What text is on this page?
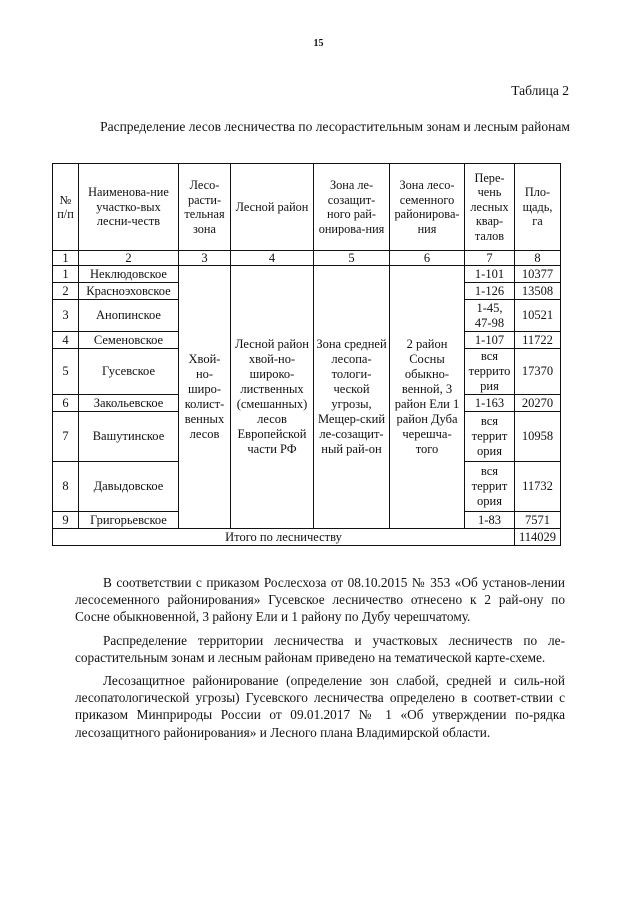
15
Таблица 2
Распределение лесов лесничества по лесорастительным зонам и лесным районам
№ п/п	Наименова-ние участко-вых лесни-честв	Лесо-расти-тельная зона	Лесной район	Зона ле-созащит-ного рай-онирова-ния	Зона лесо-семенного районирова-ния	Пере-чень лесных квар-талов	Пло-щадь, га
1	2	3	4	5	6	7	8
1	Неклюдовское	Хвой-но-широ-колист-венных лесов	Лесной район хвой-но-широко-лиственных (смешанных) лесов Европейской части РФ	Зона средней лесопа-тологи-ческой угрозы, Мещер-ский ле-созащит-ный рай-он	2 район Сосны обыкно-венной, 3 район Ели 1 район Дуба черешча-того	1-101	10377
2	Красноэховское					1-126	13508
3	Анопинское					1-45, 47-98	10521
4	Семеновское					1-107	11722
5	Гусевское					вся террито рия	17370
6	Закольевское					1-163	20270
7	Вашутинское					вся террит ория	10958
8	Давыдовское					вся террит ория	11732
9	Григорьевское					1-83	7571
Итого по лесничеству							114029

В соответствии с приказом Рослесхоза от 08.10.2015 № 353 «Об установ-лении лесосеменного районирования» Гусевское лесничество отнесено к 2 рай-ону по Сосне обыкновенной, 3 району Ели и 1 району по Дубу черешчатому.

Распределение территории лесничества и участковых лесничеств по ле-сорастительным зонам и лесным районам приведено на тематической карте-схеме.

Лесозащитное районирование (определение зон слабой, средней и силь-ной лесопатологической угрозы) Гусевского лесничества определено в соответ-ствии с приказом Минприроды России от 09.01.2017 № 1 «Об утверждении по-рядка лесозащитного районирования» и Лесного плана Владимирской области.
